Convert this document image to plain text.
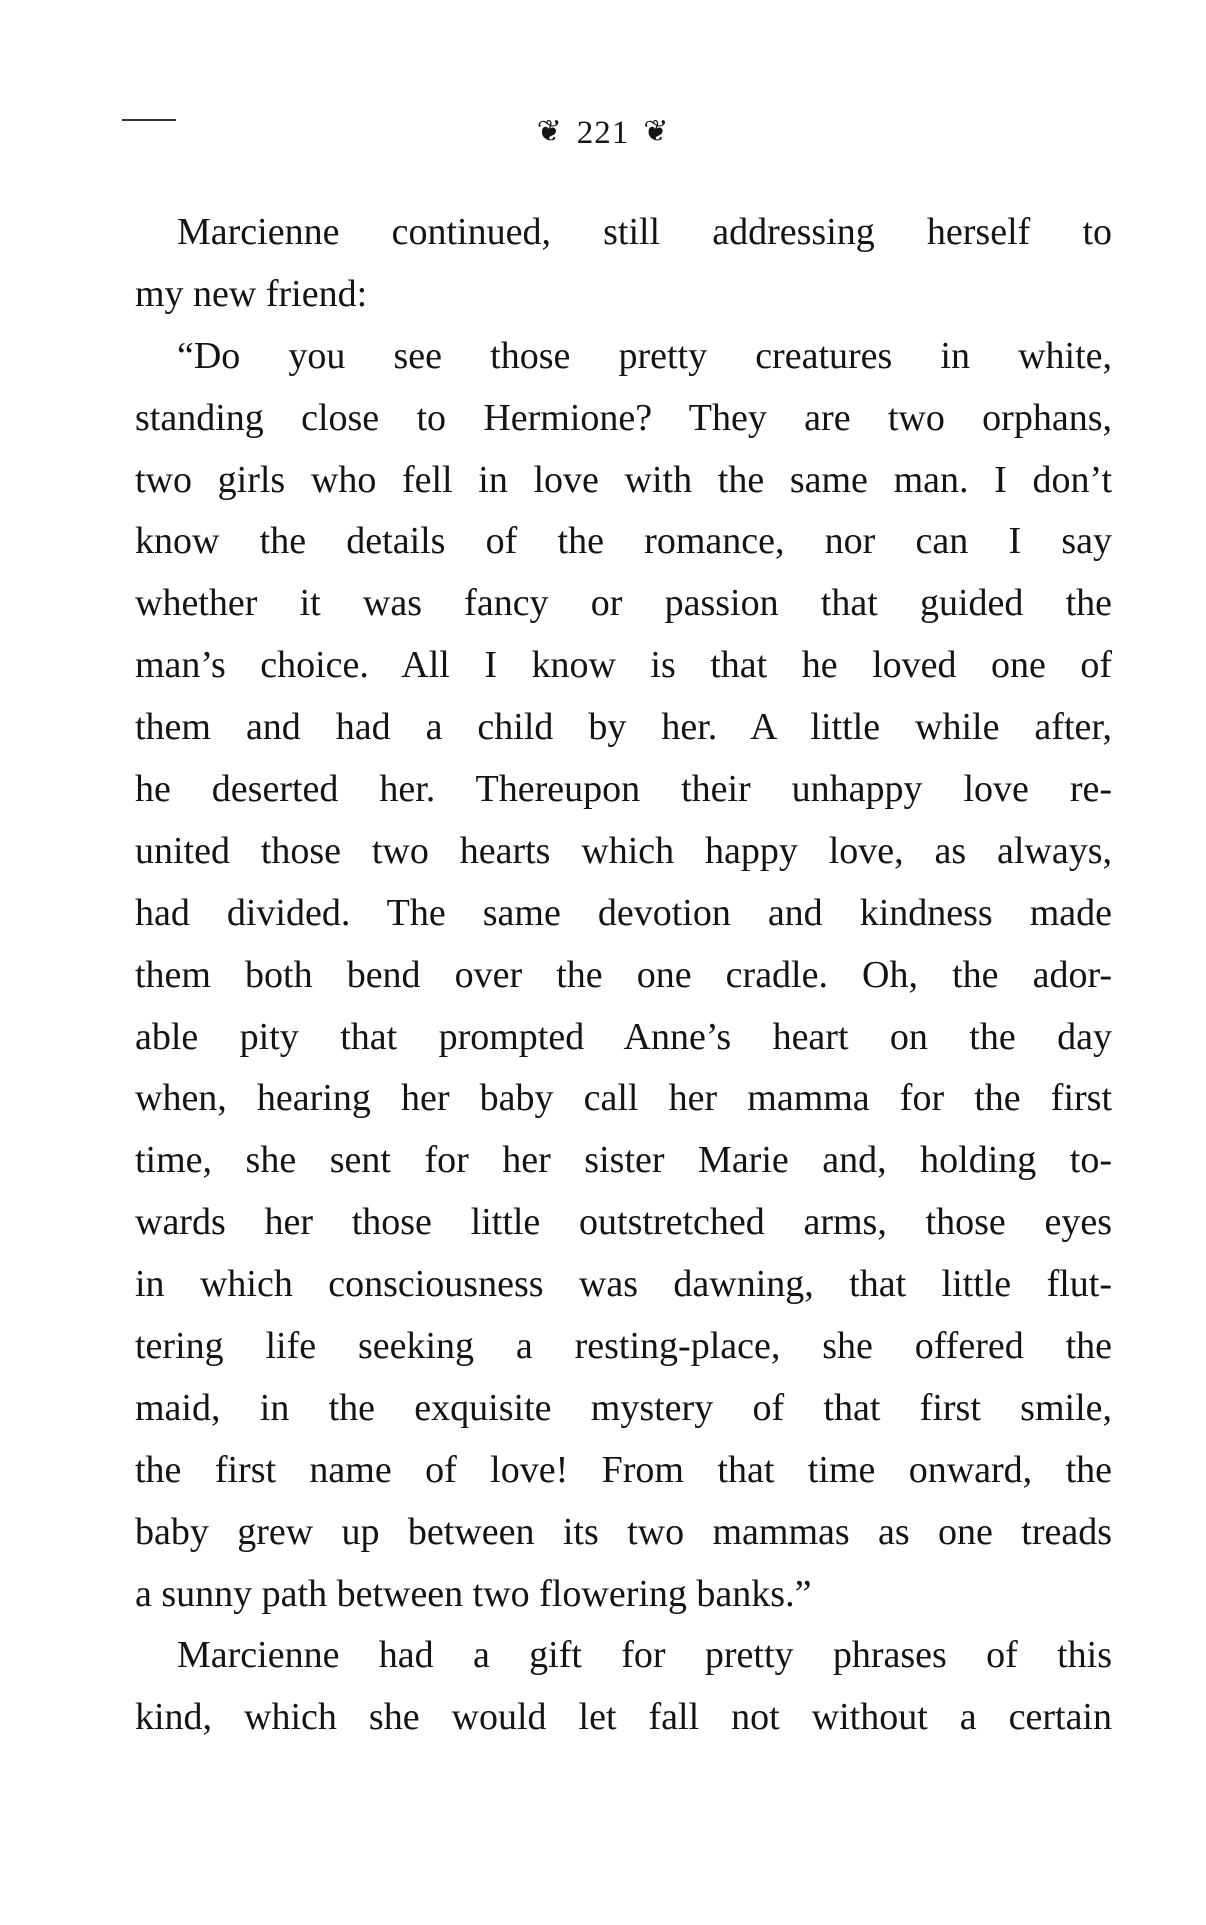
❦ 221 ❦
Marcienne continued, still addressing herself to
my new friend:
“Do you see those pretty creatures in white,
standing close to Hermione? They are two orphans,
two girls who fell in love with the same man. I don’t
know the details of the romance, nor can I say
whether it was fancy or passion that guided the
man’s choice. All I know is that he loved one of
them and had a child by her. A little while after,
he deserted her. Thereupon their unhappy love re-
united those two hearts which happy love, as always,
had divided. The same devotion and kindness made
them both bend over the one cradle. Oh, the ador-
able pity that prompted Anne’s heart on the day
when, hearing her baby call her mamma for the first
time, she sent for her sister Marie and, holding to-
wards her those little outstretched arms, those eyes
in which consciousness was dawning, that little flut-
tering life seeking a resting-place, she offered the
maid, in the exquisite mystery of that first smile,
the first name of love! From that time onward, the
baby grew up between its two mammas as one treads
a sunny path between two flowering banks.”
Marcienne had a gift for pretty phrases of this
kind, which she would let fall not without a certain
